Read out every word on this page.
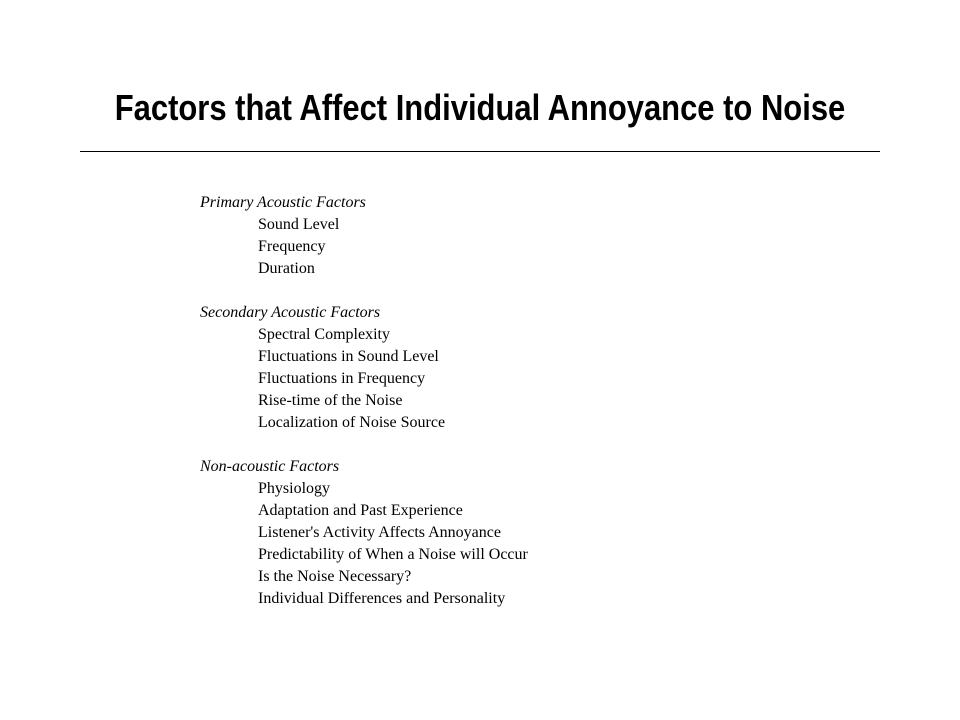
Factors that Affect Individual Annoyance to Noise
Primary Acoustic Factors
Sound Level
Frequency
Duration
Secondary Acoustic Factors
Spectral Complexity
Fluctuations in Sound Level
Fluctuations in Frequency
Rise-time of the Noise
Localization of Noise Source
Non-acoustic Factors
Physiology
Adaptation and Past Experience
Listener's Activity Affects Annoyance
Predictability of When a Noise will Occur
Is the Noise Necessary?
Individual Differences and Personality
